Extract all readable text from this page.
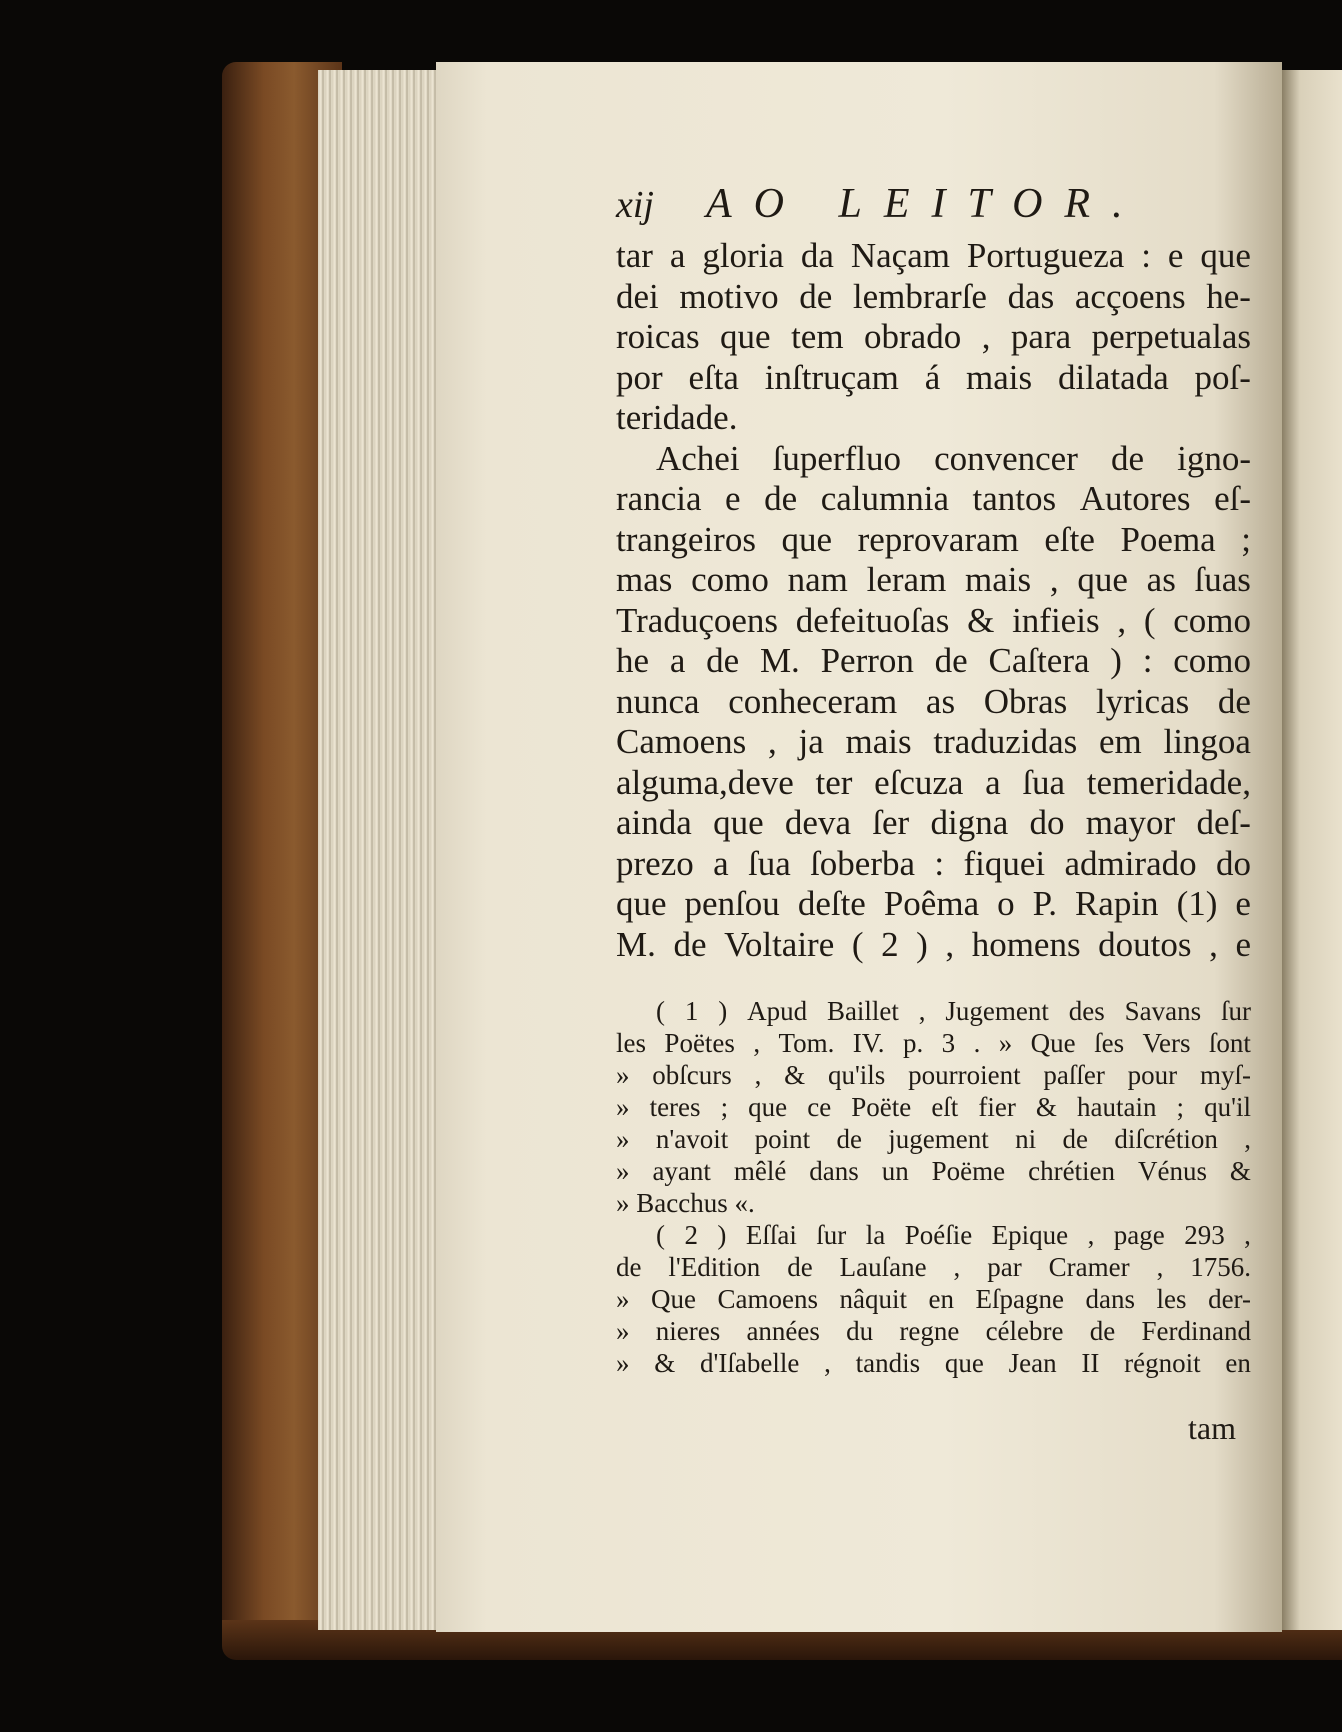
xij	AO LEITOR.
tar a gloria da Naçam Portugueza : e que
dei motivo de lembrarſe das acçoens he-
roicas que tem obrado , para perpetualas
por eſta inſtruçam á mais dilatada poſ-
teridade.
Achei ſuperfluo convencer de igno-
rancia e de calumnia tantos Autores eſ-
trangeiros que reprovaram eſte Poema ;
mas como nam leram mais , que as ſuas
Traduçoens defeituoſas & infieis , ( como
he a de M. Perron de Caſtera ) : como
nunca conheceram as Obras lyricas de
Camoens , ja mais traduzidas em lingoa
alguma,deve ter eſcuza a ſua temeridade,
ainda que deva ſer digna do mayor deſ-
prezo a ſua ſoberba : fiquei admirado do
que penſou deſte Poêma o P. Rapin (1) e
M. de Voltaire ( 2 ) , homens doutos , e
( 1 ) Apud Baillet , Jugement des Savans ſur
les Poëtes , Tom. IV. p. 3 . » Que ſes Vers ſont
» obſcurs , & qu'ils pourroient paſſer pour myſ-
» teres ; que ce Poëte eſt fier & hautain ; qu'il
» n'avoit point de jugement ni de diſcrétion ,
» ayant mêlé dans un Poëme chrétien Vénus &
» Bacchus «.
( 2 ) Eſſai ſur la Poéſie Epique , page 293 ,
de l'Edition de Lauſane , par Cramer , 1756.
» Que Camoens nâquit en Eſpagne dans les der-
» nieres années du regne célebre de Ferdinand
» & d'Iſabelle , tandis que Jean II régnoit en
tam
